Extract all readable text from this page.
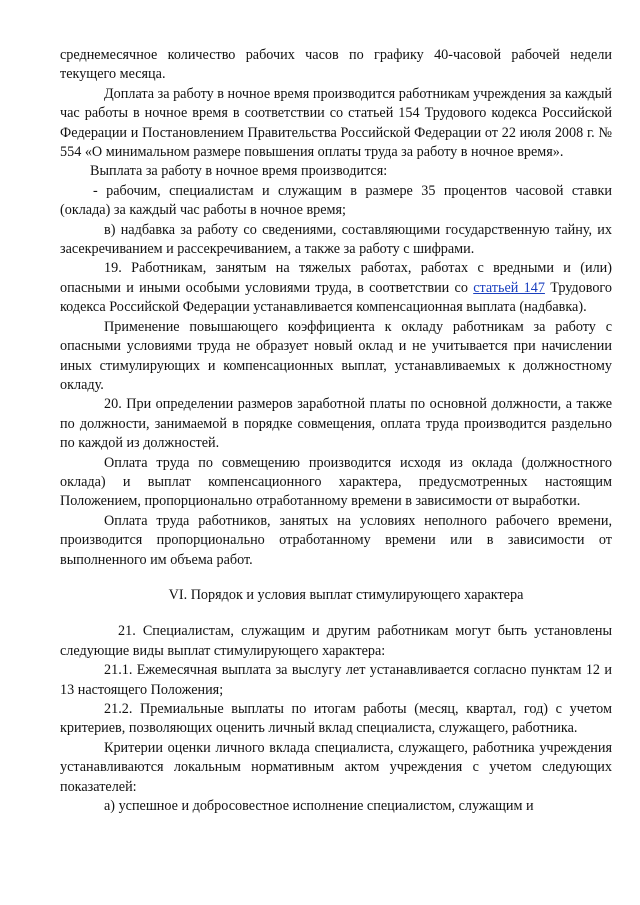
среднемесячное количество рабочих часов по графику 40-часовой рабочей недели текущего месяца.

Доплата за работу в ночное время производится работникам учреждения за каждый час работы в ночное время в соответствии со статьей 154 Трудового кодекса Российской Федерации и Постановлением Правительства Российской Федерации от 22 июля 2008 г. № 554 «О минимальном размере повышения оплаты труда за работу в ночное время».

Выплата за работу в ночное время производится:

- рабочим, специалистам и служащим в размере 35 процентов часовой ставки (оклада) за каждый час работы в ночное время;

в) надбавка за работу со сведениями, составляющими государственную тайну, их засекречиванием и рассекречиванием, а также за работу с шифрами.

19. Работникам, занятым на тяжелых работах, работах с вредными и (или) опасными и иными особыми условиями труда, в соответствии со статьей 147 Трудового кодекса Российской Федерации устанавливается компенсационная выплата (надбавка).

Применение повышающего коэффициента к окладу работникам за работу с опасными условиями труда не образует новый оклад и не учитывается при начислении иных стимулирующих и компенсационных выплат, устанавливаемых к должностному окладу.

20. При определении размеров заработной платы по основной должности, а также по должности, занимаемой в порядке совмещения, оплата труда производится раздельно по каждой из должностей.

Оплата труда по совмещению производится исходя из оклада (должностного оклада) и выплат компенсационного характера, предусмотренных настоящим Положением, пропорционально отработанному времени в зависимости от выработки.

Оплата труда работников, занятых на условиях неполного рабочего времени, производится пропорционально отработанному времени или в зависимости от выполненного им объема работ.

VI. Порядок и условия выплат стимулирующего характера

21. Специалистам, служащим и другим работникам могут быть установлены следующие виды выплат стимулирующего характера:

21.1. Ежемесячная выплата за выслугу лет устанавливается согласно пунктам 12 и 13 настоящего Положения;

21.2. Премиальные выплаты по итогам работы (месяц, квартал, год) с учетом критериев, позволяющих оценить личный вклад специалиста, служащего, работника.

Критерии оценки личного вклада специалиста, служащего, работника учреждения устанавливаются локальным нормативным актом учреждения с учетом следующих показателей:

а) успешное и добросовестное исполнение специалистом, служащим и
